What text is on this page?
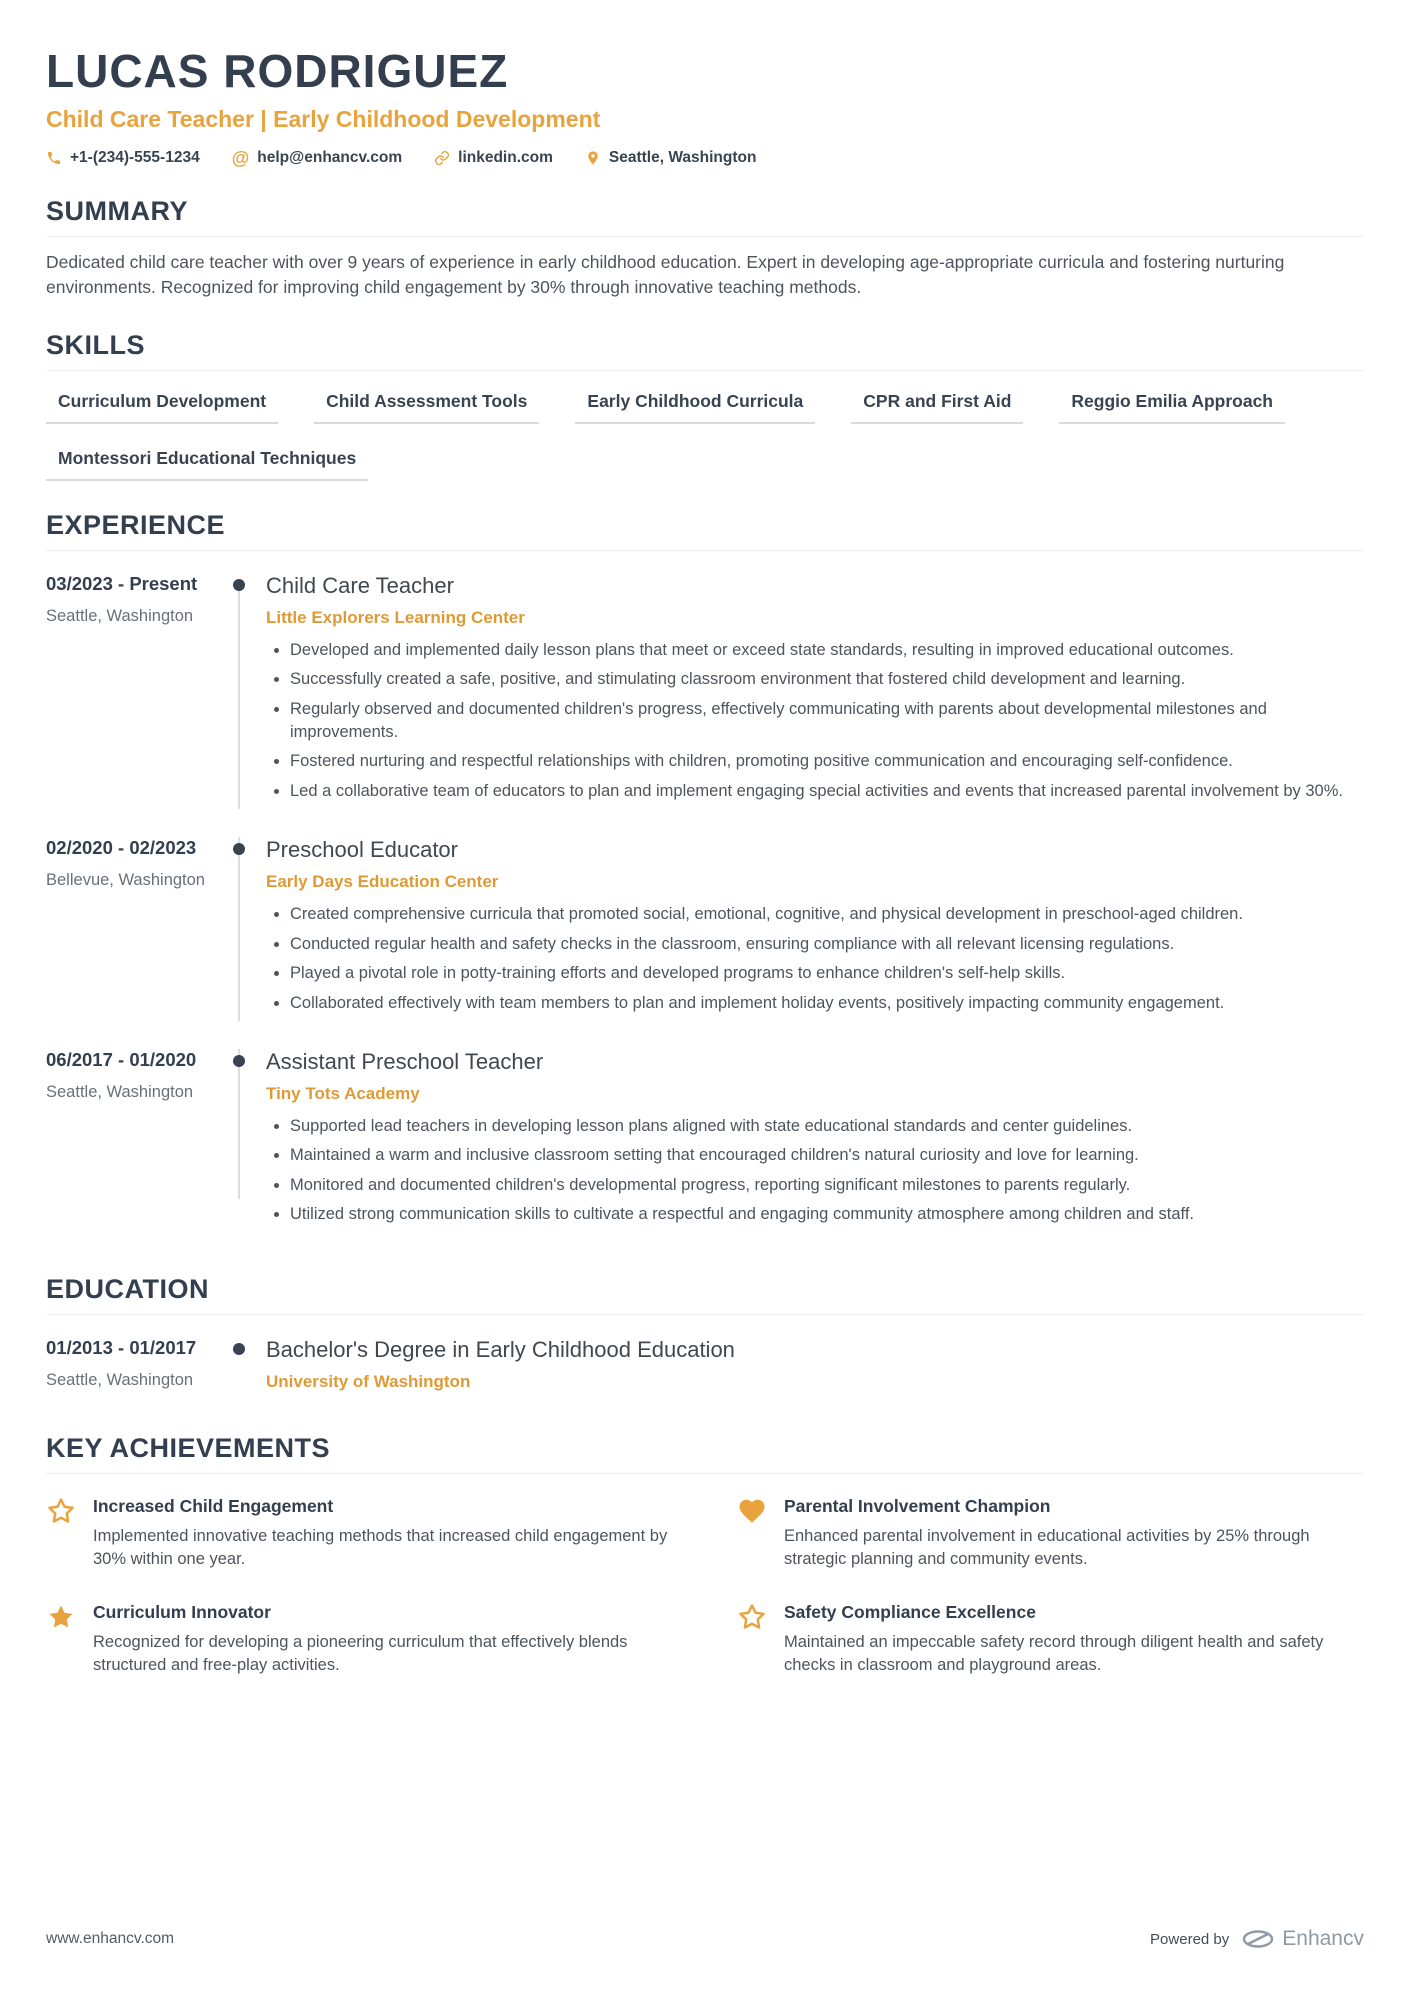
LUCAS RODRIGUEZ
Child Care Teacher | Early Childhood Development
+1-(234)-555-1234 @ help@enhancv.com	linkedin.com	Seattle, Washington
SUMMARY

Dedicated child care teacher with over 9 years of experience in early childhood education. Expert in developing age-appropriate curricula and fostering nurturing environments. Recognized for improving child engagement by 30% through innovative teaching methods.

SKILLS
Curriculum Development	Child Assessment Tools	Early Childhood Curricula	CPR and First Aid	Reggio Emilia Approach
Montessori Educational Techniques
EXPERIENCE
03/2023 - Present
Seattle, Washington
Child Care Teacher
Little Explorers Learning Center
• Developed and implemented daily lesson plans that meet or exceed state standards, resulting in improved educational outcomes.
• Successfully created a safe, positive, and stimulating classroom environment that fostered child development and learning.
• Regularly observed and documented children's progress, effectively communicating with parents about developmental milestones and improvements.
• Fostered nurturing and respectful relationships with children, promoting positive communication and encouraging self-confidence.
• Led a collaborative team of educators to plan and implement engaging special activities and events that increased parental involvement by 30%.
02/2020 - 02/2023
Bellevue, Washington
Preschool Educator
Early Days Education Center
• Created comprehensive curricula that promoted social, emotional, cognitive, and physical development in preschool-aged children.
• Conducted regular health and safety checks in the classroom, ensuring compliance with all relevant licensing regulations.
• Played a pivotal role in potty-training efforts and developed programs to enhance children's self-help skills.
• Collaborated effectively with team members to plan and implement holiday events, positively impacting community engagement.
06/2017 - 01/2020
Seattle, Washington
Assistant Preschool Teacher
Tiny Tots Academy
• Supported lead teachers in developing lesson plans aligned with state educational standards and center guidelines.
• Maintained a warm and inclusive classroom setting that encouraged children's natural curiosity and love for learning.
• Monitored and documented children's developmental progress, reporting significant milestones to parents regularly.
• Utilized strong communication skills to cultivate a respectful and engaging community atmosphere among children and staff.
EDUCATION
01/2013 - 01/2017
Seattle, Washington
Bachelor's Degree in Early Childhood Education
University of Washington
KEY ACHIEVEMENTS
Increased Child Engagement
Implemented innovative teaching methods that increased child engagement by 30% within one year.
Parental Involvement Champion
Enhanced parental involvement in educational activities by 25% through strategic planning and community events.
Curriculum Innovator
Recognized for developing a pioneering curriculum that effectively blends structured and free-play activities.
Safety Compliance Excellence
Maintained an impeccable safety record through diligent health and safety checks in classroom and playground areas.
www.enhancv.com	Powered by	Enhancv
